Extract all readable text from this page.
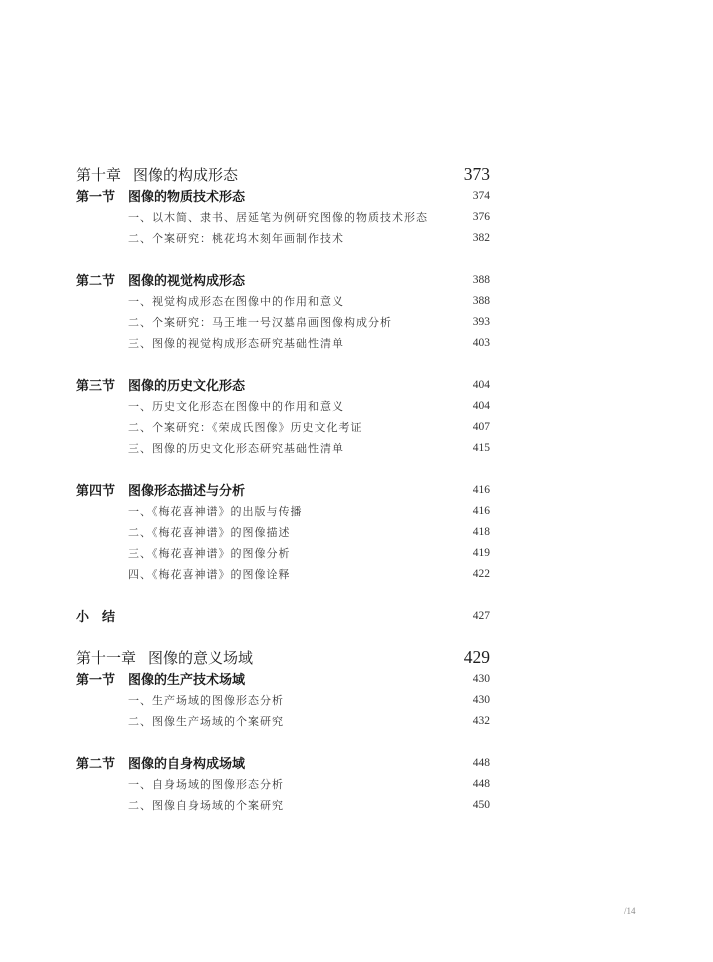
第十章 图像的构成形态	373
第一节 图像的物质技术形态	374
一、以木简、隶书、居延笔为例研究图像的物质技术形态	376
二、个案研究：桃花坞木刻年画制作技术	382
第二节 图像的视觉构成形态	388
一、视觉构成形态在图像中的作用和意义	388
二、个案研究：马王堆一号汉墓帛画图像构成分析	393
三、图像的视觉构成形态研究基础性清单	403
第三节 图像的历史文化形态	404
一、历史文化形态在图像中的作用和意义	404
二、个案研究：《荣成氏图像》历史文化考证	407
三、图像的历史文化形态研究基础性清单	415
第四节 图像形态描述与分析	416
一、《梅花喜神谱》的出版与传播	416
二、《梅花喜神谱》的图像描述	418
三、《梅花喜神谱》的图像分析	419
四、《梅花喜神谱》的图像诠释	422
小　结	427
第十一章 图像的意义场域	429
第一节 图像的生产技术场域	430
一、生产场域的图像形态分析	430
二、图像生产场域的个案研究	432
第二节 图像的自身构成场域	448
一、自身场域的图像形态分析	448
二、图像自身场域的个案研究	450
/14
